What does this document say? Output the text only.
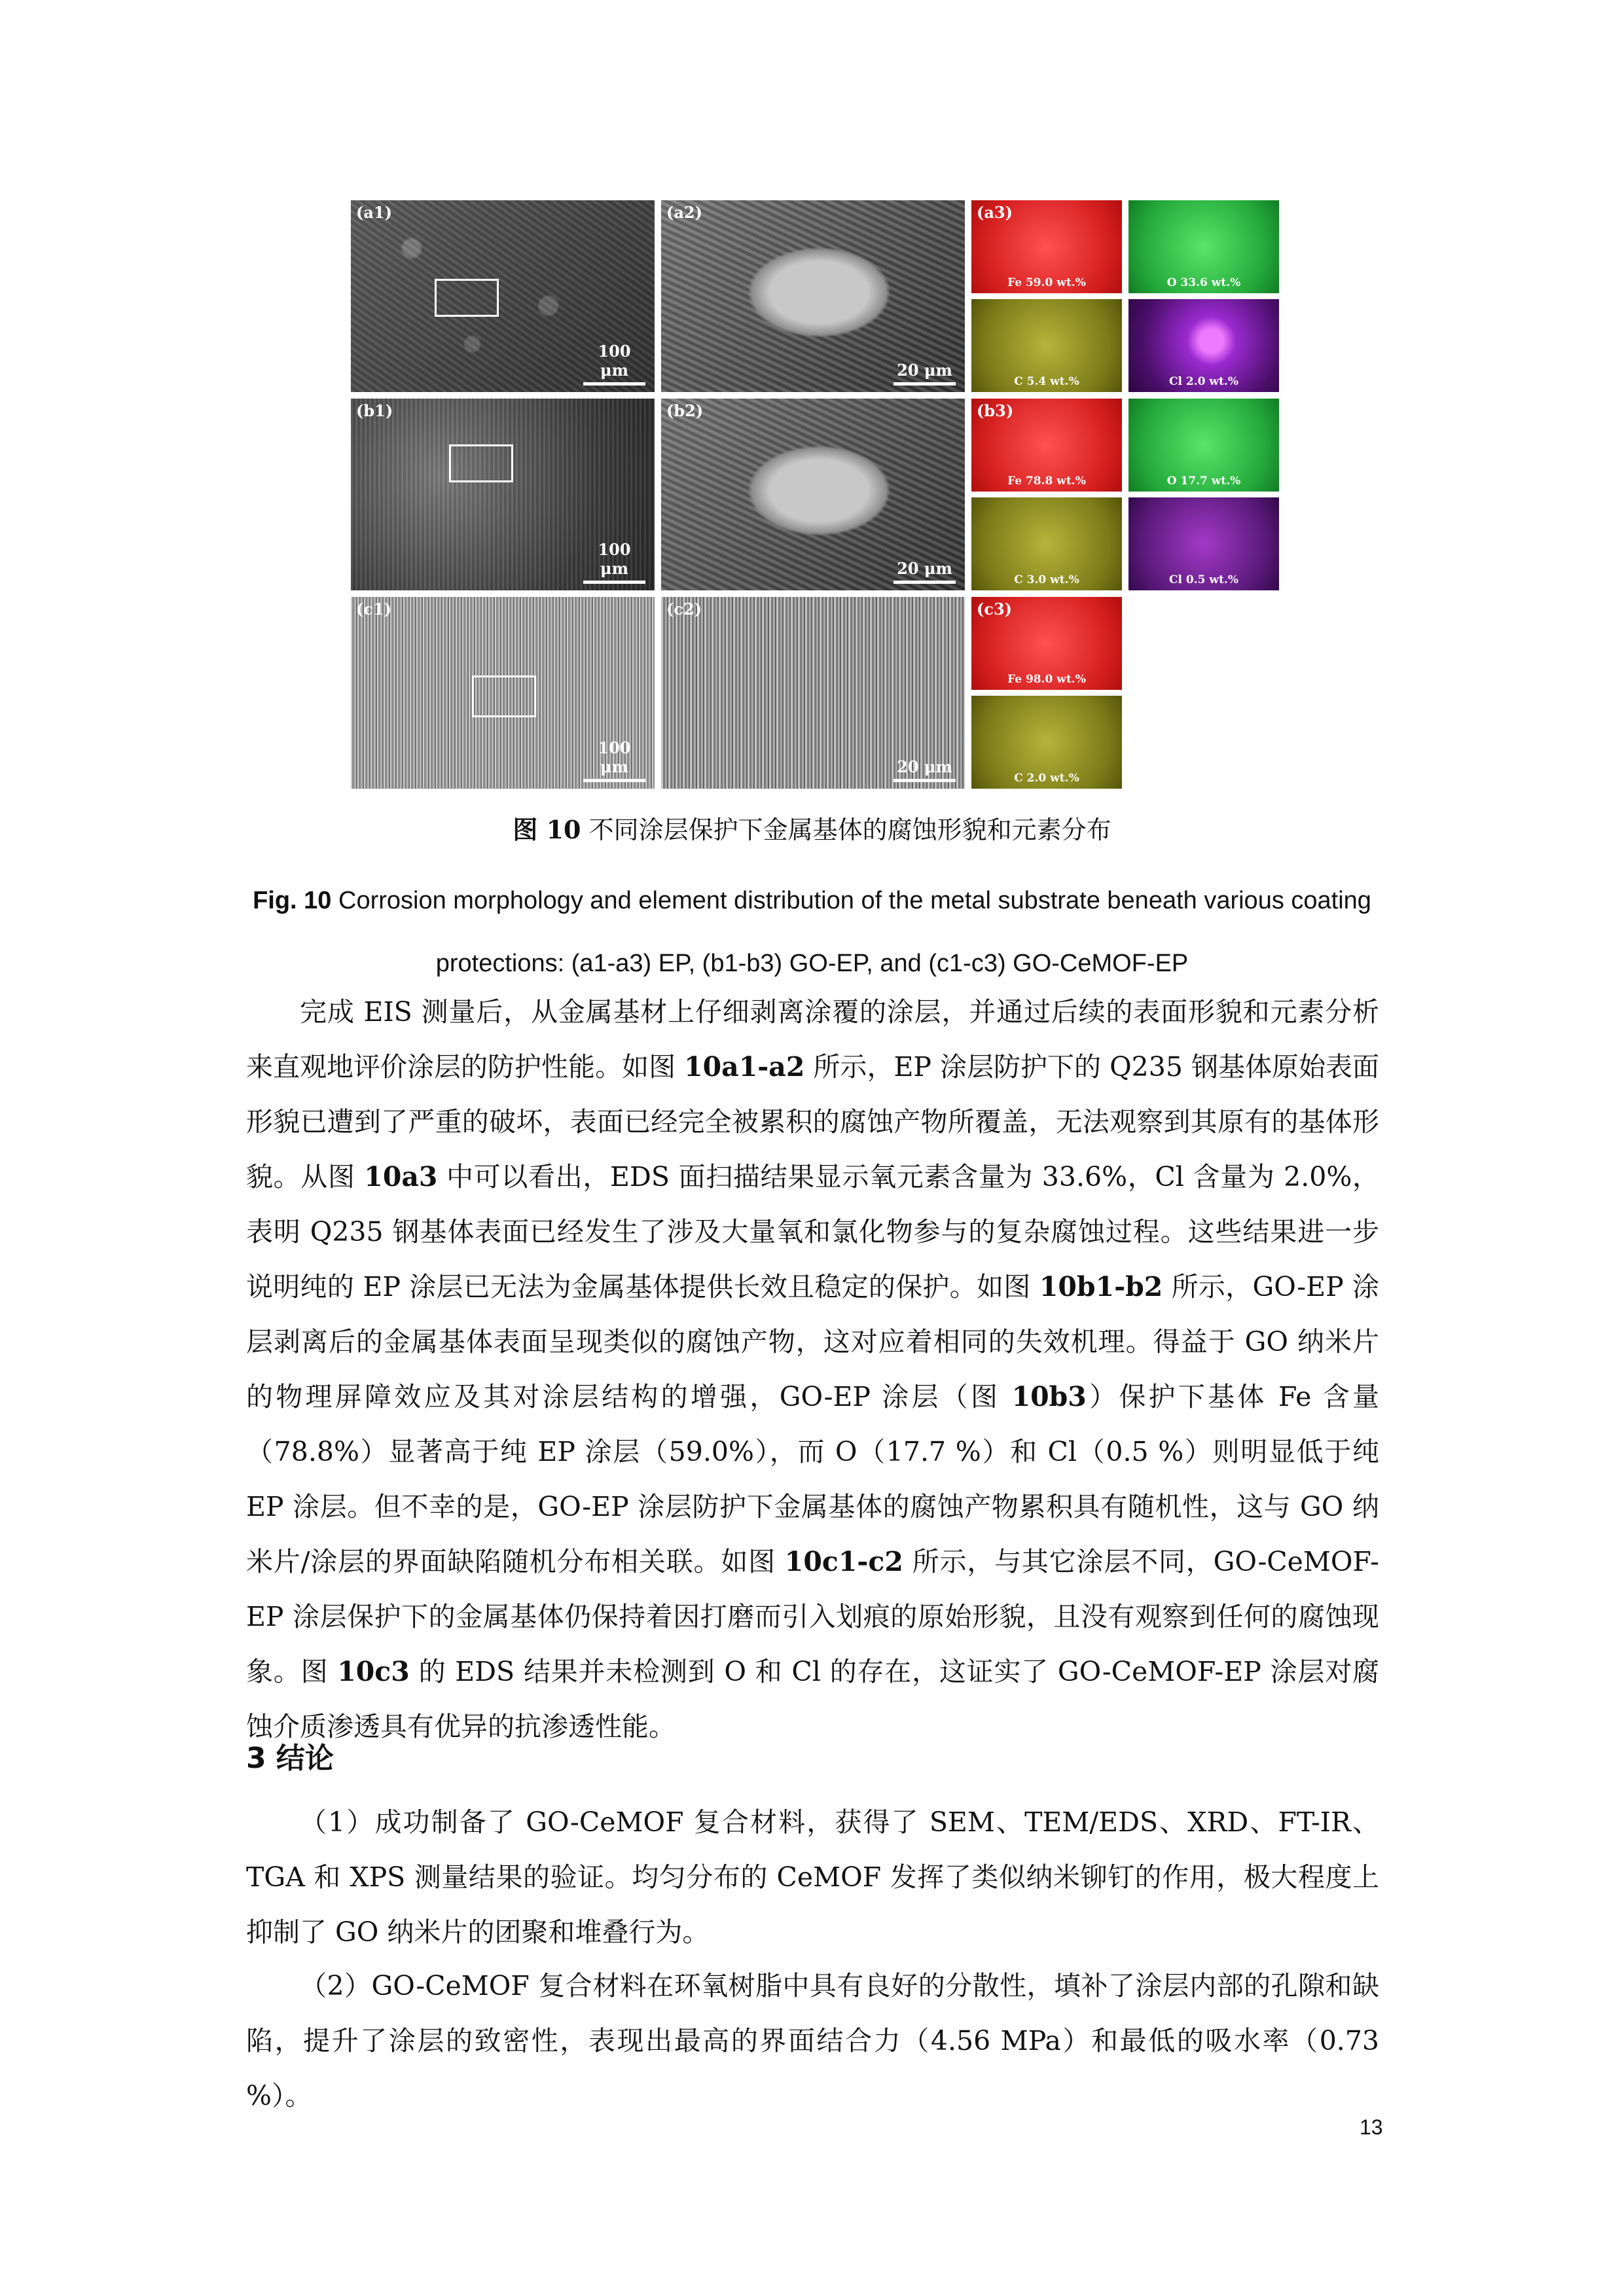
(a1)
100 μm
(a2)
20 μm
(a3)
Fe 59.0 wt.%	O 33.6 wt.%
C 5.4 wt.%	Cl 2.0 wt.%
(b1)
100 μm
(b2)
20 μm
(b3)
Fe 78.8 wt.%	O 17.7 wt.%
C 3.0 wt.%	Cl 0.5 wt.%
(c1)
100 μm
(c2)
20 μm
(c3)
Fe 98.0 wt.%
C 2.0 wt.%
图 10 不同涂层保护下金属基体的腐蚀形貌和元素分布
Fig. 10 Corrosion morphology and element distribution of the metal substrate beneath various coating protections: (a1-a3) EP, (b1-b3) GO-EP, and (c1-c3) GO-CeMOF-EP
完成 EIS 测量后，从金属基材上仔细剥离涂覆的涂层，并通过后续的表面形貌和元素分析来直观地评价涂层的防护性能。如图 10a1-a2 所示，EP 涂层防护下的 Q235 钢基体原始表面形貌已遭到了严重的破坏，表面已经完全被累积的腐蚀产物所覆盖，无法观察到其原有的基体形貌。从图 10a3 中可以看出，EDS 面扫描结果显示氧元素含量为 33.6%，Cl 含量为 2.0%，表明 Q235 钢基体表面已经发生了涉及大量氧和氯化物参与的复杂腐蚀过程。这些结果进一步说明纯的 EP 涂层已无法为金属基体提供长效且稳定的保护。如图 10b1-b2 所示，GO-EP 涂层剥离后的金属基体表面呈现类似的腐蚀产物，这对应着相同的失效机理。得益于 GO 纳米片的物理屏障效应及其对涂层结构的增强，GO-EP 涂层（图 10b3）保护下基体 Fe 含量（78.8%）显著高于纯 EP 涂层（59.0%），而 O（17.7 %）和 Cl（0.5 %）则明显低于纯 EP 涂层。但不幸的是，GO-EP 涂层防护下金属基体的腐蚀产物累积具有随机性，这与 GO 纳米片/涂层的界面缺陷随机分布相关联。如图 10c1-c2 所示，与其它涂层不同，GO-CeMOF-EP 涂层保护下的金属基体仍保持着因打磨而引入划痕的原始形貌，且没有观察到任何的腐蚀现象。图 10c3 的 EDS 结果并未检测到 O 和 Cl 的存在，这证实了 GO-CeMOF-EP 涂层对腐蚀介质渗透具有优异的抗渗透性能。
3 结论
（1）成功制备了 GO-CeMOF 复合材料，获得了 SEM、TEM/EDS、XRD、FT-IR、TGA 和 XPS 测量结果的验证。均匀分布的 CeMOF 发挥了类似纳米铆钉的作用，极大程度上抑制了 GO 纳米片的团聚和堆叠行为。
（2）GO-CeMOF 复合材料在环氧树脂中具有良好的分散性，填补了涂层内部的孔隙和缺陷，提升了涂层的致密性，表现出最高的界面结合力（4.56 MPa）和最低的吸水率（0.73 %）。
13
